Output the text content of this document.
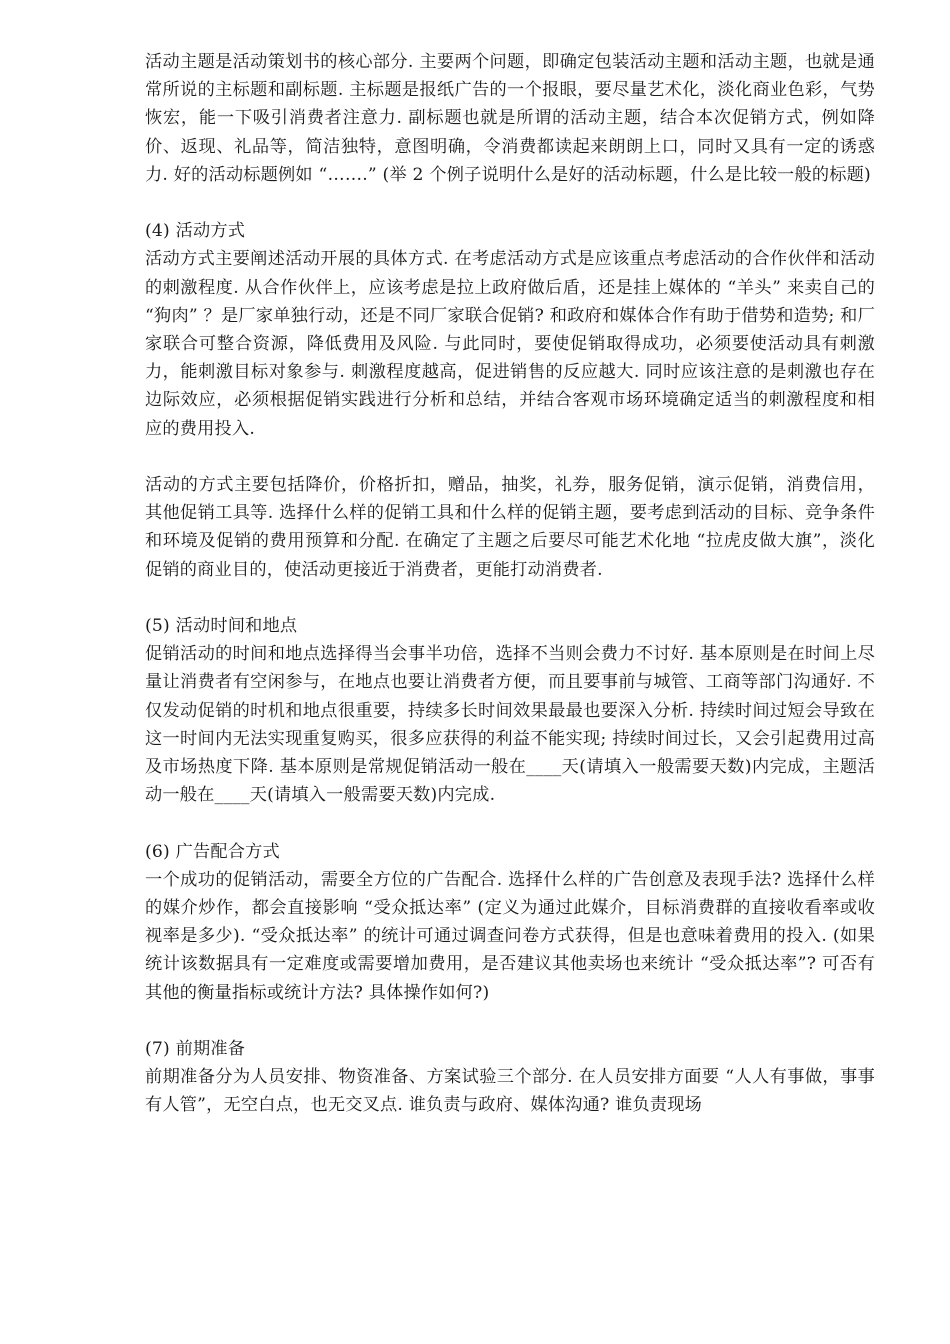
活动主题是活动策划书的核心部分. 主要两个问题，即确定包装活动主题和活动主题，也就是通常所说的主标题和副标题. 主标题是报纸广告的一个报眼，要尽量艺术化，淡化商业色彩，气势恢宏，能一下吸引消费者注意力. 副标题也就是所谓的活动主题，结合本次促销方式，例如降价、返现、礼品等，简洁独特，意图明确，令消费都读起来朗朗上口，同时又具有一定的诱惑力. 好的活动标题例如 “…….” (举 2 个例子说明什么是好的活动标题，什么是比较一般的标题)

(4) 活动方式

活动方式主要阐述活动开展的具体方式. 在考虑活动方式是应该重点考虑活动的合作伙伴和活动的刺激程度. 从合作伙伴上，应该考虑是拉上政府做后盾，还是挂上媒体的 “羊头” 来卖自己的 “狗肉” ？是厂家单独行动，还是不同厂家联合促销? 和政府和媒体合作有助于借势和造势; 和厂家联合可整合资源，降低费用及风险. 与此同时，要使促销取得成功，必须要使活动具有刺激力，能刺激目标对象参与. 刺激程度越高，促进销售的反应越大. 同时应该注意的是刺激也存在边际效应，必须根据促销实践进行分析和总结，并结合客观市场环境确定适当的刺激程度和相应的费用投入.

活动的方式主要包括降价，价格折扣，赠品，抽奖，礼券，服务促销，演示促销，消费信用，其他促销工具等. 选择什么样的促销工具和什么样的促销主题，要考虑到活动的目标、竞争条件和环境及促销的费用预算和分配. 在确定了主题之后要尽可能艺术化地 “拉虎皮做大旗”，淡化促销的商业目的，使活动更接近于消费者，更能打动消费者.

(5) 活动时间和地点

促销活动的时间和地点选择得当会事半功倍，选择不当则会费力不讨好. 基本原则是在时间上尽量让消费者有空闲参与，在地点也要让消费者方便，而且要事前与城管、工商等部门沟通好. 不仅发动促销的时机和地点很重要，持续多长时间效果最最也要深入分析. 持续时间过短会导致在这一时间内无法实现重复购买，很多应获得的利益不能实现; 持续时间过长，又会引起费用过高及市场热度下降. 基本原则是常规促销活动一般在____天(请填入一般需要天数)内完成，主题活动一般在____天(请填入一般需要天数)内完成.

(6) 广告配合方式

一个成功的促销活动，需要全方位的广告配合. 选择什么样的广告创意及表现手法? 选择什么样的媒介炒作，都会直接影响 “受众抵达率” (定义为通过此媒介，目标消费群的直接收看率或收视率是多少). “受众抵达率” 的统计可通过调查问卷方式获得，但是也意味着费用的投入. (如果统计该数据具有一定难度或需要增加费用，是否建议其他卖场也来统计 “受众抵达率”? 可否有其他的衡量指标或统计方法? 具体操作如何?)

(7) 前期准备

前期准备分为人员安排、物资准备、方案试验三个部分. 在人员安排方面要 “人人有事做，事事有人管”，无空白点，也无交叉点. 谁负责与政府、媒体沟通? 谁负责现场
